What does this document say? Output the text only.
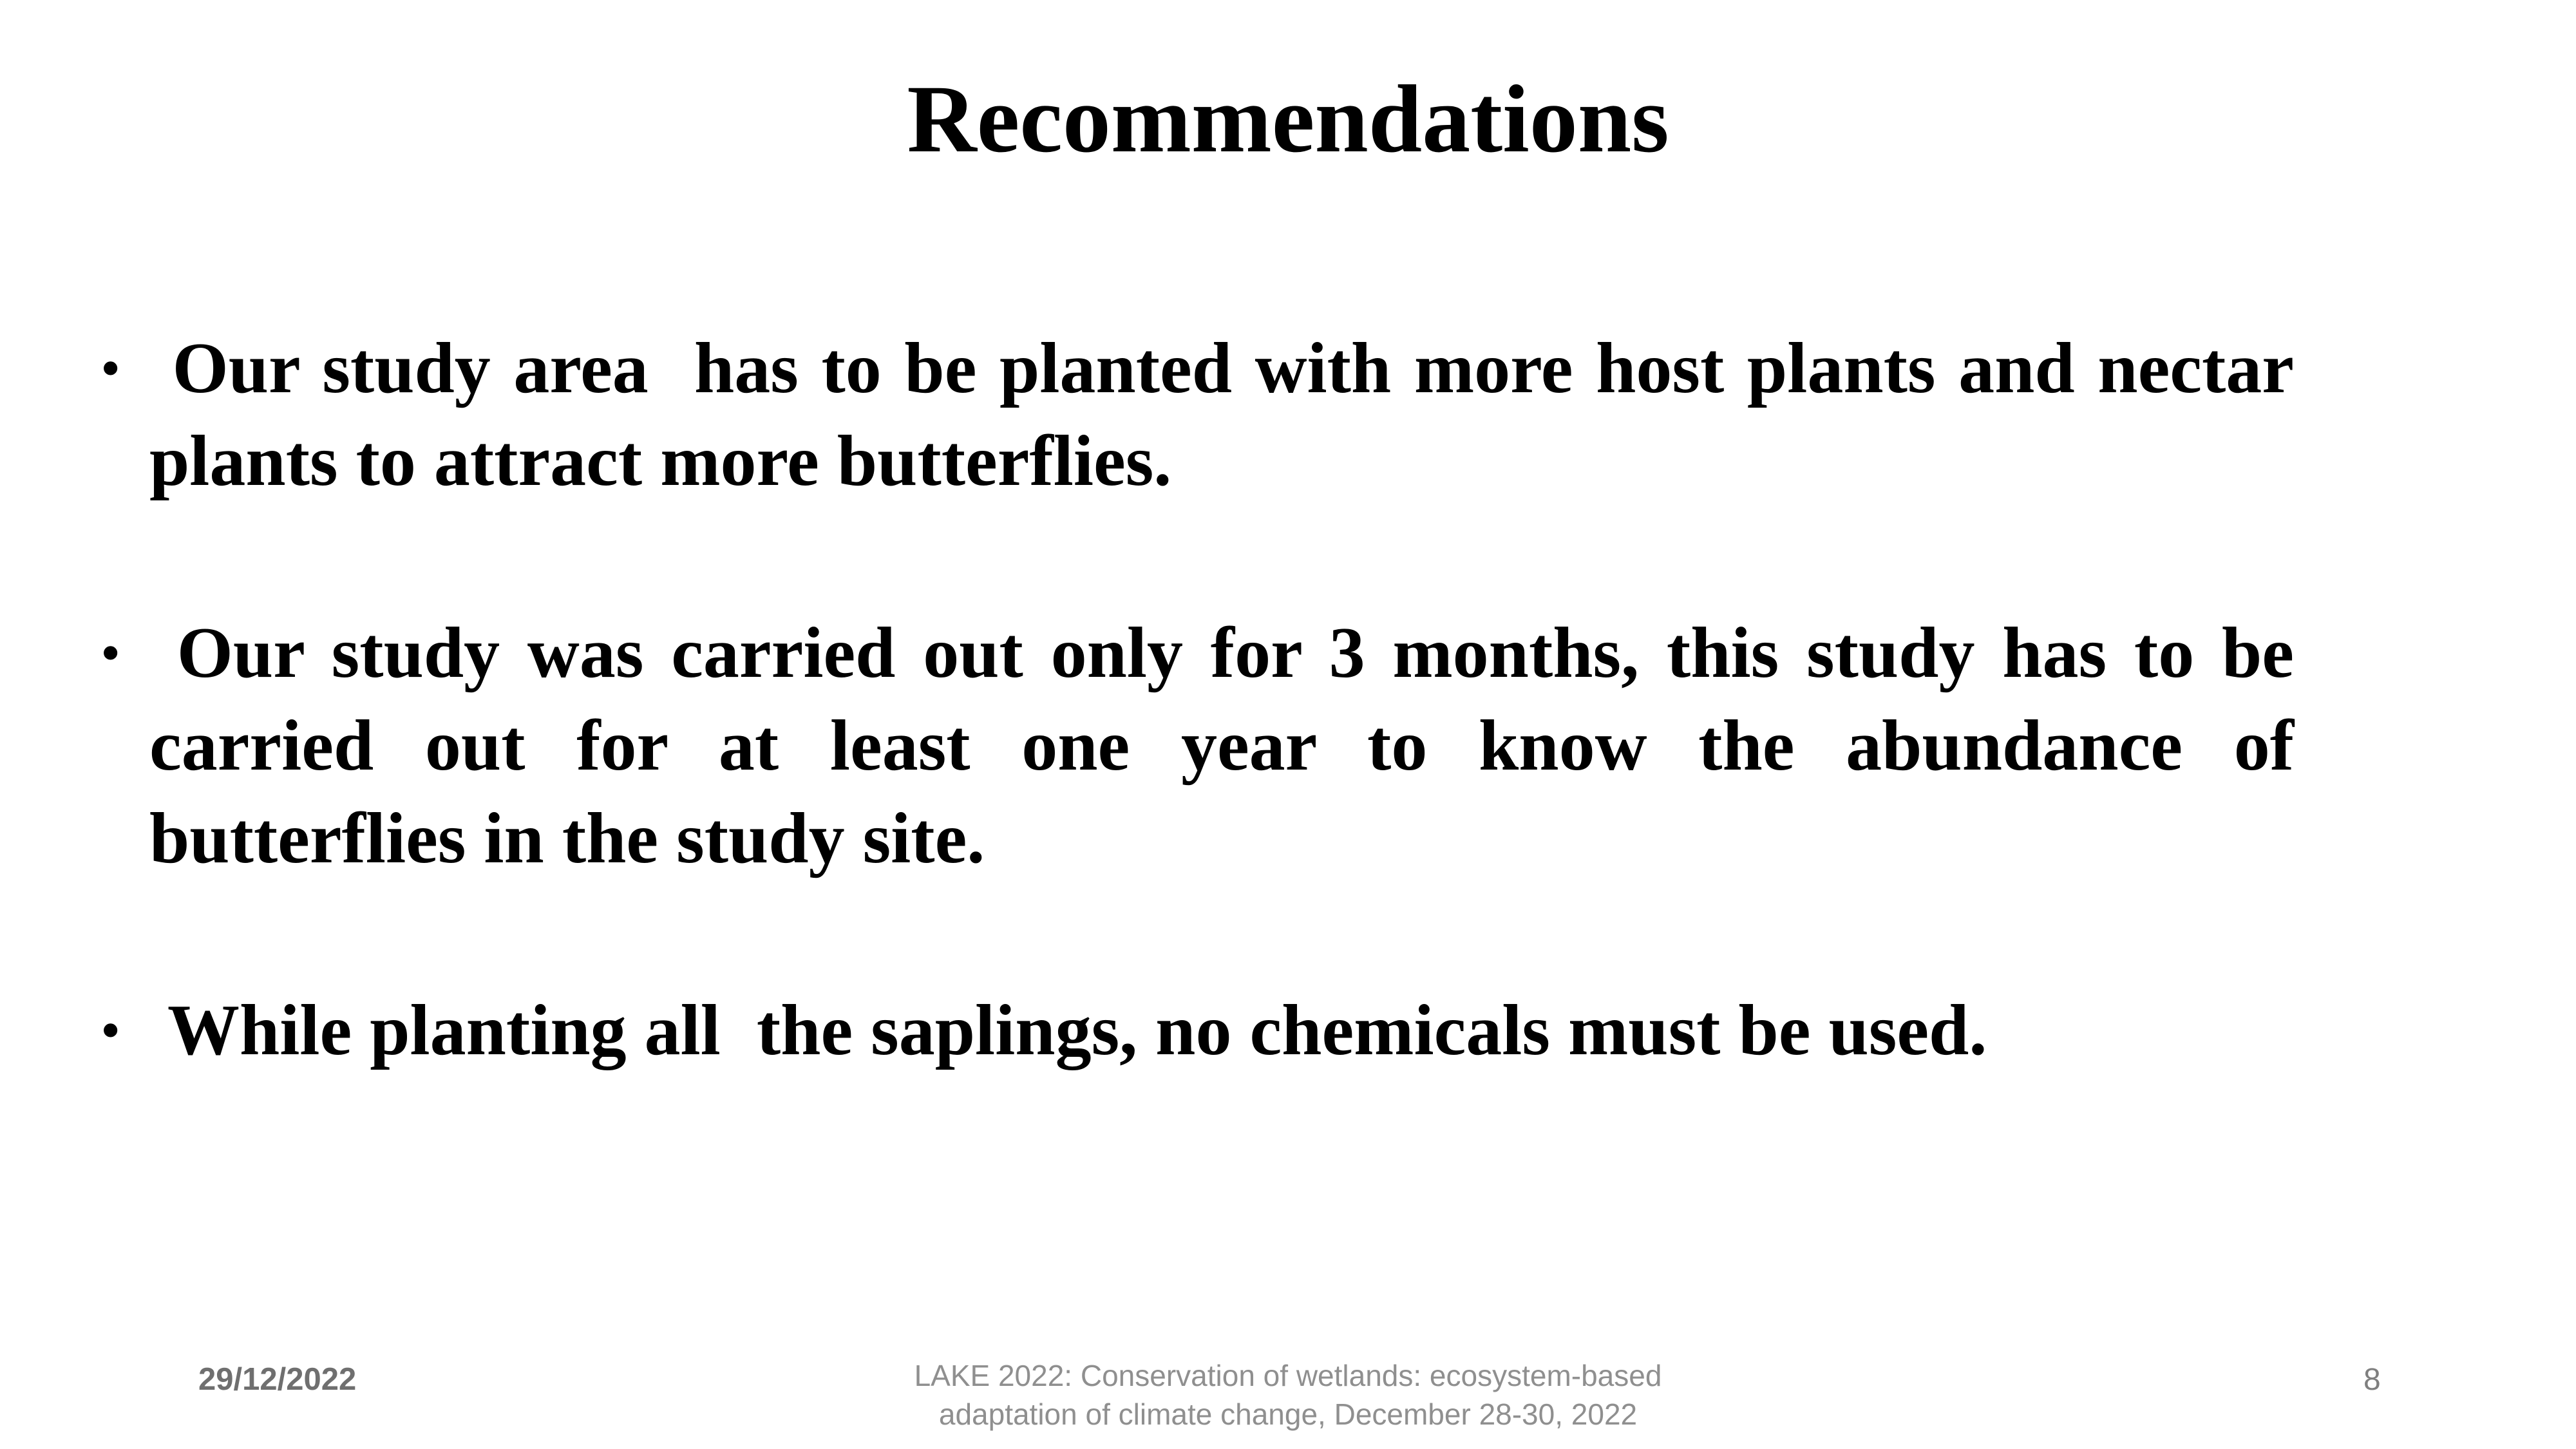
Recommendations
• Our study area  has to be planted with more host plants and nectar
plants to attract more butterflies.
• Our study was carried out only for 3 months, this study has to be
carried out for at least one year to know the abundance of
butterflies in the study site.
• While planting all  the saplings, no chemicals must be used.
29/12/2022	LAKE 2022: Conservation of wetlands: ecosystem-based
adaptation of climate change, December 28-30, 2022
8
